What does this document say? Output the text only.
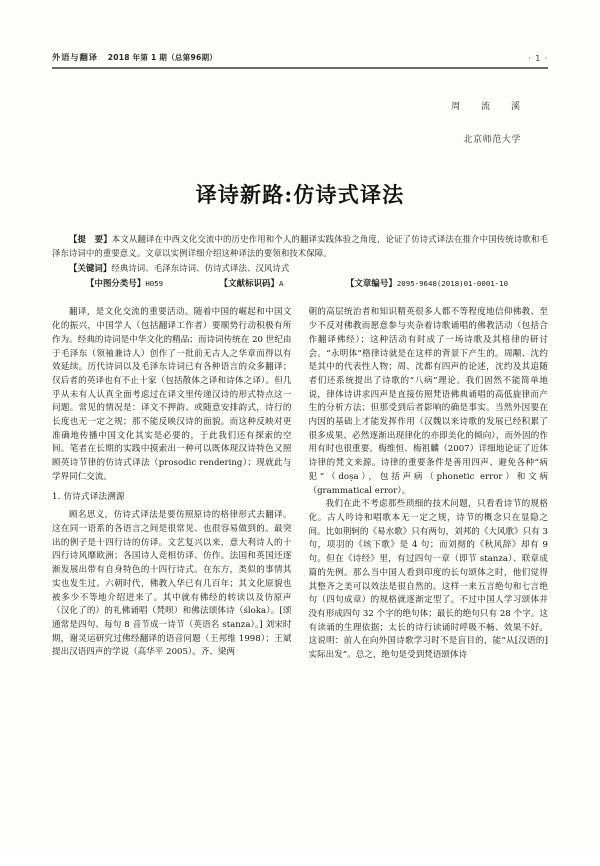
外语与翻译 2018 年第 1 期（总第96期）	· 1 ·
周 流 溪
北京师范大学
译诗新路:仿诗式译法

【提　要】本文从翻译在中西文化交流中的历史作用和个人的翻译实践体验之角度，论证了仿诗式译法在推介中国传统诗歌和毛泽东诗词中的重要意义。文章以实例详细介绍这种译法的要领和技术保障。

【关键词】经典诗词、毛泽东诗词、仿诗式译法、汉风诗式
【中图分类号】H059	【文献标识码】A	【文章编号】2095-9648(2018)01-0001-10

翻译，是文化交流的重要活动。随着中国的崛起和中国文化的振兴，中国学人（包括翻译工作者）要顺势行动积极有所作为。经典的诗词是中华文化的精品；而诗词传统在 20 世纪由于毛泽东（领袖兼诗人）创作了一批前无古人之华章而得以有效延续。历代诗词以及毛泽东诗词已有各种语言的众多翻译；仅后者的英译也有不止十家（包括散体之译和诗体之译）。但几乎从未有人认真全面考虑过在译文里传递汉诗的形式特点这一问题。常见的情况是：译文不押韵、或随意安排韵式，诗行的长度也无一定之规；那不能反映汉诗的面貌。而这种反映对更准确地传播中国文化其实是必要的，于此我们还有探索的空间。笔者在长期的实践中摸索出一种可以既体现汉诗特色又照顾英诗节律的仿诗式译法（prosodic rendering）；现就此与学界同仁交流。

1. 仿诗式译法溯源

顾名思义，仿诗式译法是要仿照原诗的格律形式去翻译。这在同一语系的各语言之间是很常见、也很容易做到的。最突出的例子是十四行诗的仿译。文艺复兴以来，意大利诗人的十四行诗风靡欧洲；各国诗人竞相仿译、仿作。法国和英国还逐渐发展出带有自身特色的十四行诗式。在东方，类似的事情其实也发生过。六朝时代，佛教入华已有几百年；其文化原貌也被多少不等地介绍进来了。其中就有佛经的转读以及仿原声（汉化了的）的礼佛诵唱（梵呗）和佛法颂体诗（śloka）。[颂通常是四句、每句 8 音节成一诗节（英语名 stanza）。] 刘宋时期，谢灵运研究过佛经翻译的语音问题（王邦维 1998）；王斌提出汉语四声的学说（高华平 2005）。齐、梁两

朝的高层统治者和知识精英很多人都不等程度地信仰佛教、至少不反对佛教而愿意参与夹杂着诗歌诵唱的佛教活动（包括合作翻译佛经）；这种活动有时成了一场诗歌及其格律的研讨会。“永明体”格律诗就是在这样的背景下产生的。周颙、沈约是其中的代表性人物；周、沈都有四声的论述，沈约及其追随者们还系统提出了诗歌的“八病”理论。我们固然不能简单地说，律体诗讲求四声是直接仿照梵语佛典诵唱的高低旋律而产生的分析方法；但那受到后者影响的确是事实。当然外因要在内因的基础上才能发挥作用（汉魏以来诗歌的发展已经积累了很多成果、必然逐渐出现律化的亦即美化的倾向），而外因的作用有时也很重要。梅维恒、梅祖麟（2007）详细地论证了近体诗律的梵文来源。诗律的重要条件是善用四声、避免各种“病犯”（doṣa），包括声病（phonetic error）和文病（grammatical error）。

我们在此不考虑那些琐细的技术问题，只看看诗节的规格化。古人吟诗和唱歌本无一定之规，诗节的概念只在显隐之间。比如荆轲的《易水歌》只有两句，刘邦的《大风歌》只有 3 句，项羽的《垓下歌》是 4 句；而刘彻的《秋风辞》却有 9 句。但在《诗经》里，有过四句一章（即节 stanza）、联章成篇的先例。那么当中国人看到印度的长句颂体之时，他们觉得其整齐之美可以效法是很自然的。这样一来五言绝句和七言绝句（四句成章）的规格就逐渐定型了。不过中国人学习颂体并没有形成四句 32 个字的绝句体；最长的绝句只有 28 个字。这有读诵的生理依据；太长的诗行读诵时呼吸不畅、效果不好。这说明：前人在向外国诗歌学习时不是盲目的，能“从[汉语的]实际出发”。总之，绝句是受到梵语颂体诗
